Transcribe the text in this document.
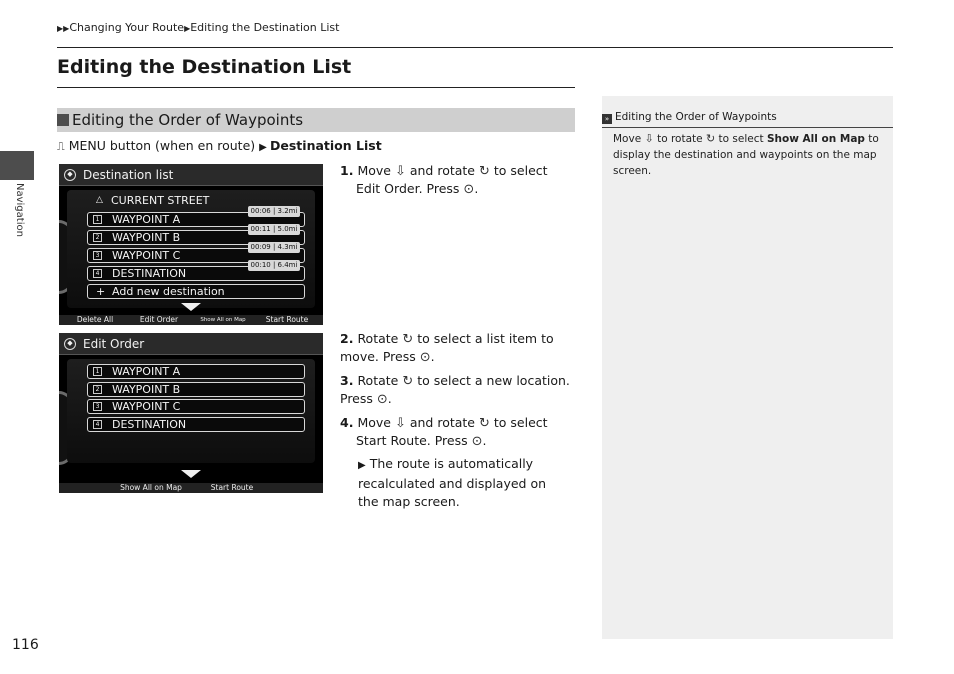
▶▶Changing Your Route▶Editing the Destination List
Editing the Destination List
Navigation
Editing the Order of Waypoints
⎍ MENU button (when en route) ▶ Destination List
◆ Destination list
△ CURRENT STREET
1 WAYPOINT A
00:06 | 3.2mi
2 WAYPOINT B
00:11 | 5.0mi
3 WAYPOINT C
00:09 | 4.3mi
4 DESTINATION
00:10 | 6.4mi
+ Add new destination
Delete All	Edit Order	Show All on Map	Start Route
◆ Edit Order
1 WAYPOINT A
2 WAYPOINT B
3 WAYPOINT C
4 DESTINATION
Show All on Map	Start Route
1. Move ⇩ and rotate ↻ to select
Edit Order. Press ⊙.
2. Rotate ↻ to select a list item to move. Press ⊙.
3. Rotate ↻ to select a new location. Press ⊙.
4. Move ⇩ and rotate ↻ to select
Start Route. Press ⊙.
▶ The route is automatically recalculated and displayed on the map screen.
» Editing the Order of Waypoints
Move ⇩ to rotate ↻ to select Show All on Map to display the destination and waypoints on the map screen.
116
